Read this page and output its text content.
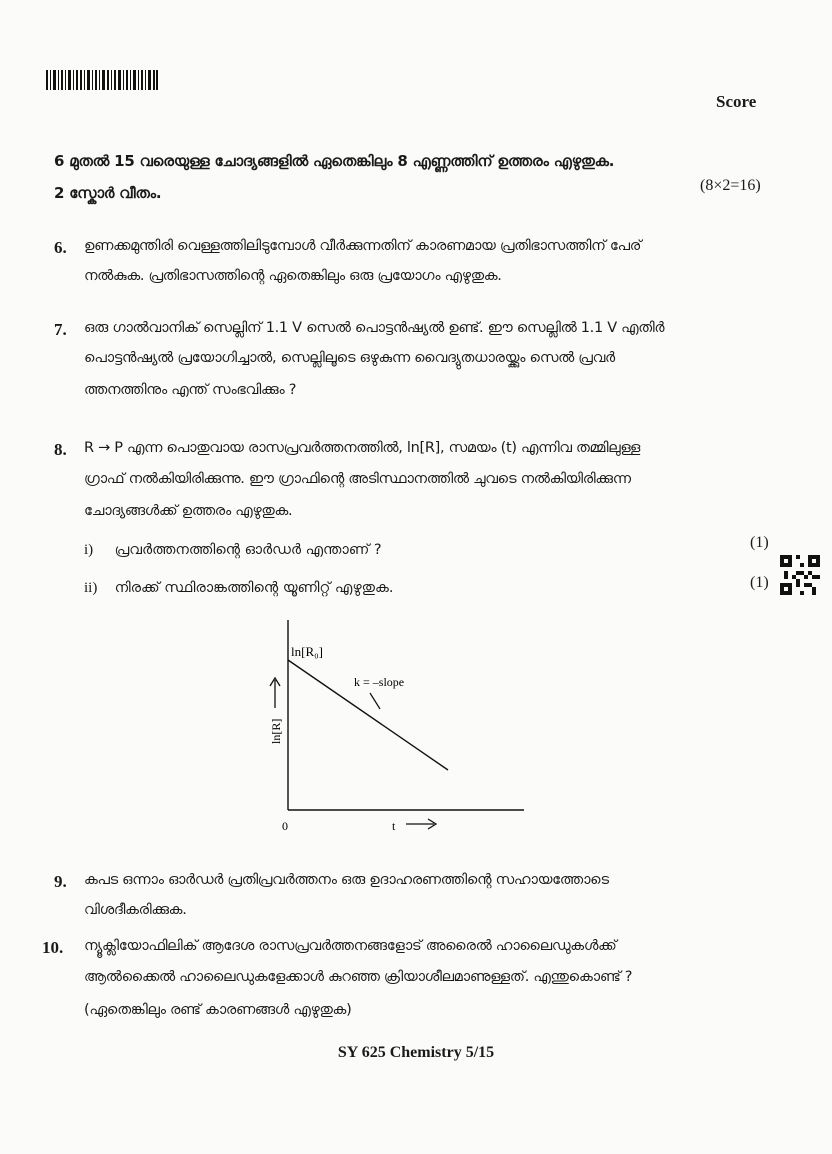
Score
6 മുതൽ 15 വരെയുള്ള ചോദ്യങ്ങളിൽ ഏതെങ്കിലും 8 എണ്ണത്തിന് ഉത്തരം എഴുതുക.
2 സ്കോർ വീതം.	(8×2=16)
6. ഉണക്കമുന്തിരി വെള്ളത്തിലിടുമ്പോൾ വീർക്കുന്നതിന് കാരണമായ പ്രതിഭാസത്തിന് പേര്
നൽകുക. പ്രതിഭാസത്തിന്റെ ഏതെങ്കിലും ഒരു പ്രയോഗം എഴുതുക.
7. ഒരു ഗാൽവാനിക് സെല്ലിന് 1.1 V സെൽ പൊട്ടൻഷ്യൽ ഉണ്ട്. ഈ സെല്ലിൽ 1.1 V എതിർ
പൊട്ടൻഷ്യൽ പ്രയോഗിച്ചാൽ, സെല്ലിലൂടെ ഒഴുകുന്ന വൈദ്യുതധാരയ്ക്കും സെൽ പ്രവർ
ത്തനത്തിനും എന്ത് സംഭവിക്കും ?
8. R → P എന്ന പൊതുവായ രാസപ്രവർത്തനത്തിൽ, ln[R], സമയം (t) എന്നിവ തമ്മിലുള്ള
ഗ്രാഫ് നൽകിയിരിക്കുന്നു. ഈ ഗ്രാഫിന്റെ അടിസ്ഥാനത്തിൽ ചുവടെ നൽകിയിരിക്കുന്ന
ചോദ്യങ്ങൾക്ക് ഉത്തരം എഴുതുക.
i) പ്രവർത്തനത്തിന്റെ ഓർഡർ എന്താണ് ?
ii) നിരക്ക് സ്ഥിരാങ്കത്തിന്റെ യൂണിറ്റ് എഴുതുക.
(1)
(1)
ln[R₀]
k = –slope
ln[R]
0	t
9. കപട ഒന്നാം ഓർഡർ പ്രതിപ്രവർത്തനം ഒരു ഉദാഹരണത്തിന്റെ സഹായത്തോടെ
വിശദീകരിക്കുക.
10. ന്യൂക്ലിയോഫിലിക് ആദേശ രാസപ്രവർത്തനങ്ങളോട് അരൈൽ ഹാലൈഡുകൾക്ക്
ആൽക്കൈൽ ഹാലൈഡുകളേക്കാൾ കുറഞ്ഞ ക്രിയാശീലമാണുള്ളത്. എന്തുകൊണ്ട് ?
(ഏതെങ്കിലും രണ്ട് കാരണങ്ങൾ എഴുതുക)
SY 625 Chemistry 5/15
